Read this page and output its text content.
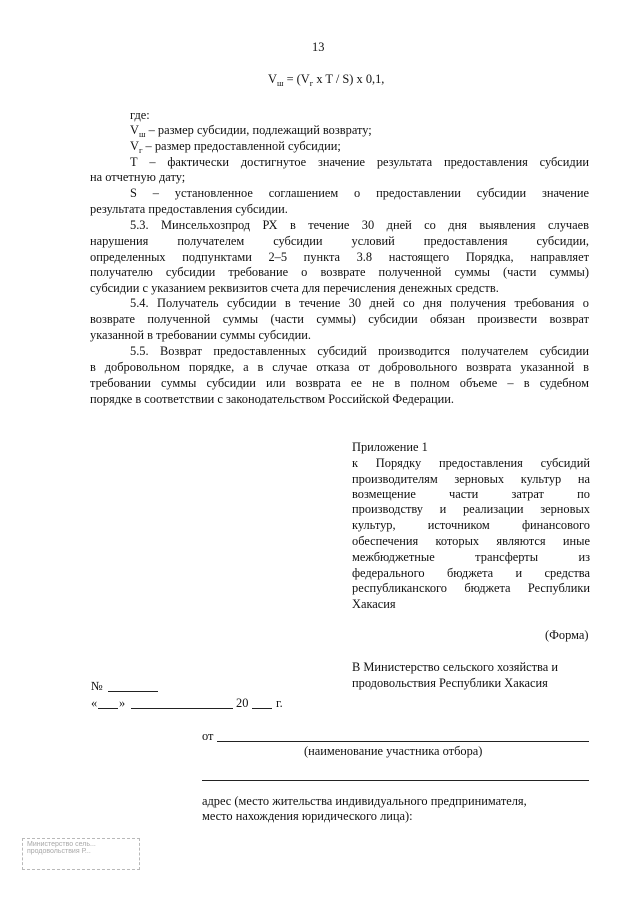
13
$V_ш = (V_г$ x T / S) x 0,1,
где:
$V_ш$ – размер субсидии, подлежащий возврату;
$V_г$ – размер предоставленной субсидии;
Т – фактически достигнутое значение результата предоставления субсидии
на отчетную дату;
S – установленное соглашением о предоставлении субсидии значение
результата предоставления субсидии.
5.3. Минсельхозпрод РХ в течение 30 дней со дня выявления случаев
нарушения получателем субсидии условий предоставления субсидии,
определенных подпунктами 2–5 пункта 3.8 настоящего Порядка, направляет
получателю субсидии требование о возврате полученной суммы (части суммы)
субсидии с указанием реквизитов счета для перечисления денежных средств.
5.4. Получатель субсидии в течение 30 дней со дня получения требования о
возврате полученной суммы (части суммы) субсидии обязан произвести возврат
указанной в требовании суммы субсидии.
5.5. Возврат предоставленных субсидий производится получателем субсидии
в добровольном порядке, а в случае отказа от добровольного возврата указанной в
требовании суммы субсидии или возврата ее не в полном объеме – в судебном
порядке в соответствии с законодательством Российской Федерации.
Приложение 1
к Порядку предоставления субсидий
производителям зерновых культур на
возмещение части затрат по
производству и реализации зерновых
культур, источником финансового
обеспечения которых являются иные
межбюджетные трансферты из
федерального бюджета и средства
республиканского бюджета Республики
Хакасия
(Форма)
В Министерство сельского хозяйства и
продовольствия Республики Хакасия
№
« »	20 г.
от
(наименование участника отбора)
адрес (место жительства индивидуального предпринимателя,
место нахождения юридического лица):
Министерство сель...
продовольствия Р...
